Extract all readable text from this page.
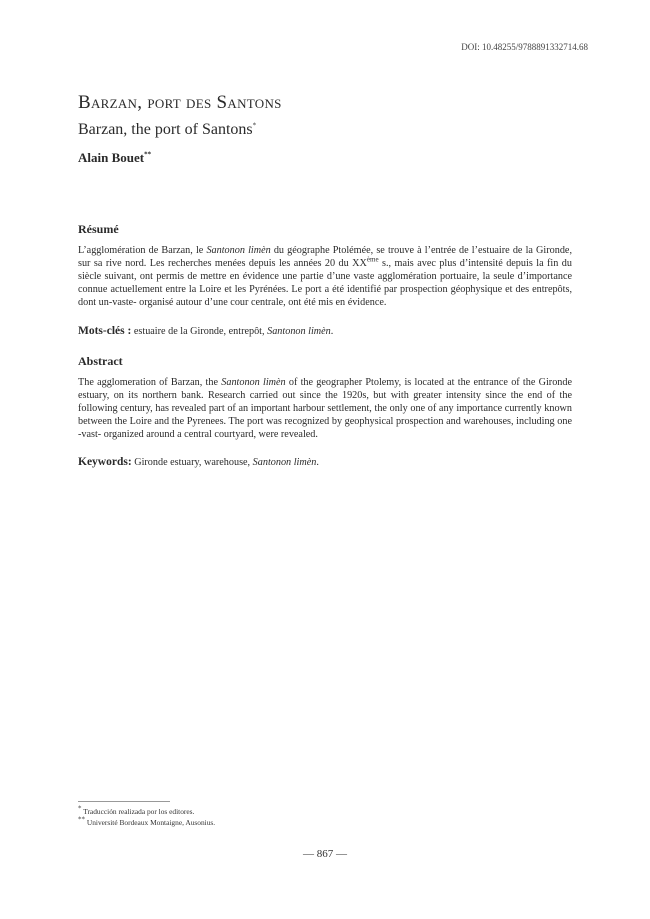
DOI: 10.48255/9788891332714.68
Barzan, port des Santons
Barzan, the port of Santons*
Alain Bouet**

Résumé

L’agglomération de Barzan, le Santonon limèn du géographe Ptolémée, se trouve à l’entrée de l’estuaire de la Gironde, sur sa rive nord. Les recherches menées depuis les années 20 du XXème s., mais avec plus d’intensité depuis la fin du siècle suivant, ont permis de mettre en évidence une partie d’une vaste agglomération portuaire, la seule d’importance connue actuellement entre la Loire et les Pyrénées. Le port a été identifié par prospection géophysique et des entrepôts, dont un-vaste- organisé autour d’une cour centrale, ont été mis en évidence.

Mots-clés : estuaire de la Gironde, entrepôt, Santonon limèn.

Abstract

The agglomeration of Barzan, the Santonon limèn of the geographer Ptolemy, is located at the entrance of the Gironde estuary, on its northern bank. Research carried out since the 1920s, but with greater intensity since the end of the following century, has revealed part of an important harbour settlement, the only one of any importance currently known between the Loire and the Pyrenees. The port was recognized by geophysical prospection and warehouses, including one -vast- organized around a central courtyard, were revealed.

Keywords: Gironde estuary, warehouse, Santonon limèn.

* Traducción realizada por los editores.

** Université Bordeaux Montaigne, Ausonius.

— 867 —
